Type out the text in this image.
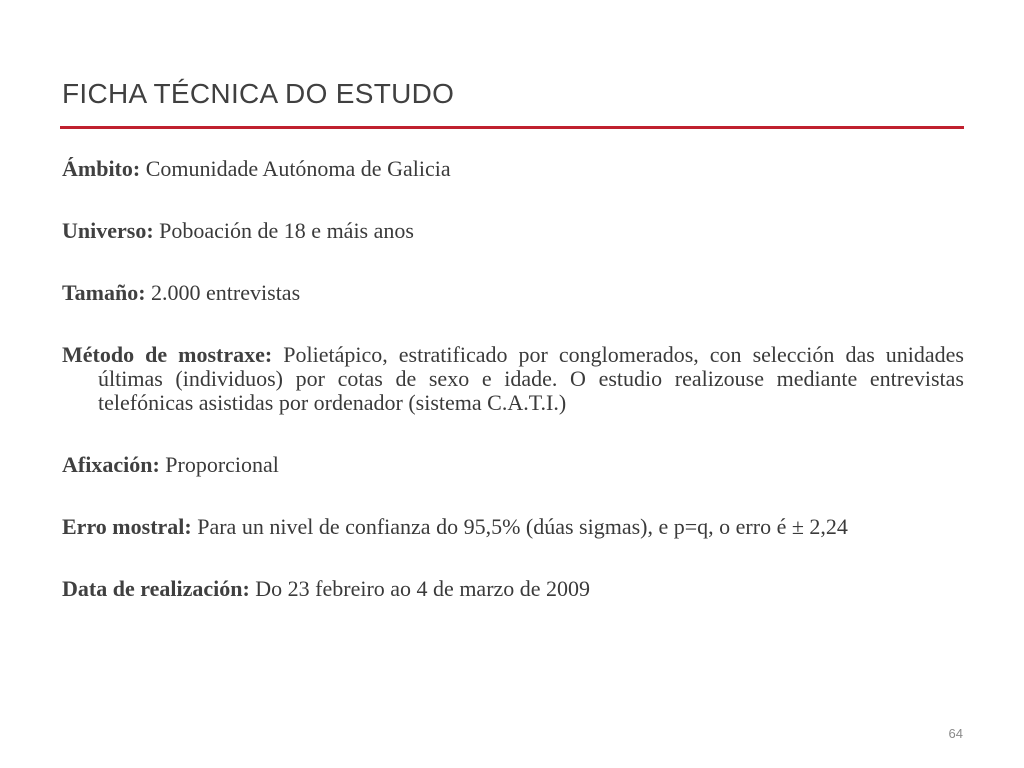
FICHA TÉCNICA DO ESTUDO

Ámbito: Comunidade Autónoma de Galicia

Universo: Poboación de 18 e máis anos

Tamaño: 2.000 entrevistas

Método de mostraxe: Polietápico, estratificado por conglomerados, con selección das unidades últimas (individuos) por cotas de sexo e idade. O estudio realizouse mediante entrevistas telefónicas asistidas por ordenador (sistema C.A.T.I.)

Afixación: Proporcional

Erro mostral: Para un nivel de confianza do 95,5% (dúas sigmas), e p=q, o erro é ± 2,24

Data de realización: Do 23 febreiro ao 4 de marzo de 2009

64
